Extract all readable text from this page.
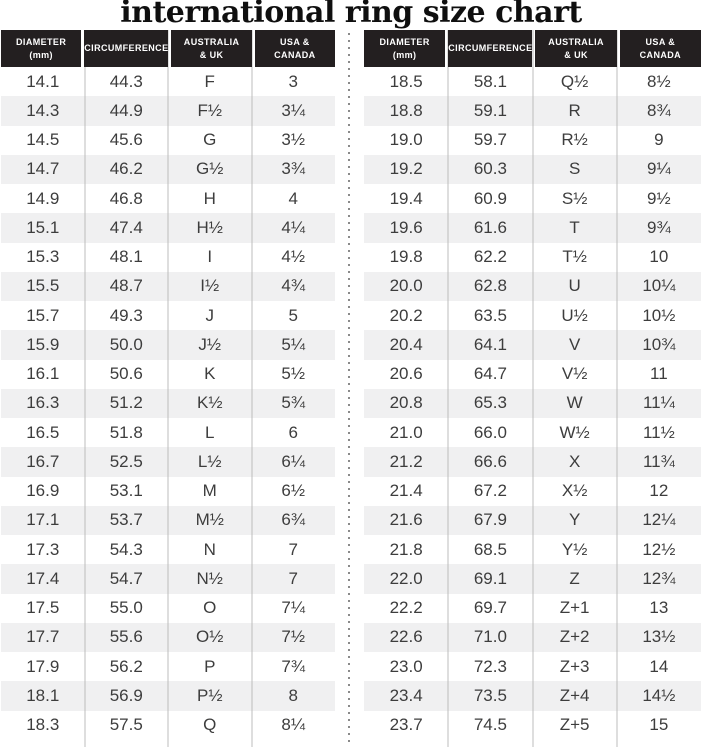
international ring size chart
DIAMETER
(mm)
CIRCUMFERENCE
AUSTRALIA
& UK
USA &
CANADA
14.1	44.3	F	3
14.3	44.9	F½	3¼
14.5	45.6	G	3½
14.7	46.2	G½	3¾
14.9	46.8	H	4
15.1	47.4	H½	4¼
15.3	48.1	I	4½
15.5	48.7	I½	4¾
15.7	49.3	J	5
15.9	50.0	J½	5¼
16.1	50.6	K	5½
16.3	51.2	K½	5¾
16.5	51.8	L	6
16.7	52.5	L½	6¼
16.9	53.1	M	6½
17.1	53.7	M½	6¾
17.3	54.3	N	7
17.4	54.7	N½	7
17.5	55.0	O	7¼
17.7	55.6	O½	7½
17.9	56.2	P	7¾
18.1	56.9	P½	8
18.3	57.5	Q	8¼
DIAMETER
(mm)
CIRCUMFERENCE
AUSTRALIA
& UK
USA &
CANADA
18.5	58.1	Q½	8½
18.8	59.1	R	8¾
19.0	59.7	R½	9
19.2	60.3	S	9¼
19.4	60.9	S½	9½
19.6	61.6	T	9¾
19.8	62.2	T½	10
20.0	62.8	U	10¼
20.2	63.5	U½	10½
20.4	64.1	V	10¾
20.6	64.7	V½	11
20.8	65.3	W	11¼
21.0	66.0	W½	11½
21.2	66.6	X	11¾
21.4	67.2	X½	12
21.6	67.9	Y	12¼
21.8	68.5	Y½	12½
22.0	69.1	Z	12¾
22.2	69.7	Z+1	13
22.6	71.0	Z+2	13½
23.0	72.3	Z+3	14
23.4	73.5	Z+4	14½
23.7	74.5	Z+5	15
